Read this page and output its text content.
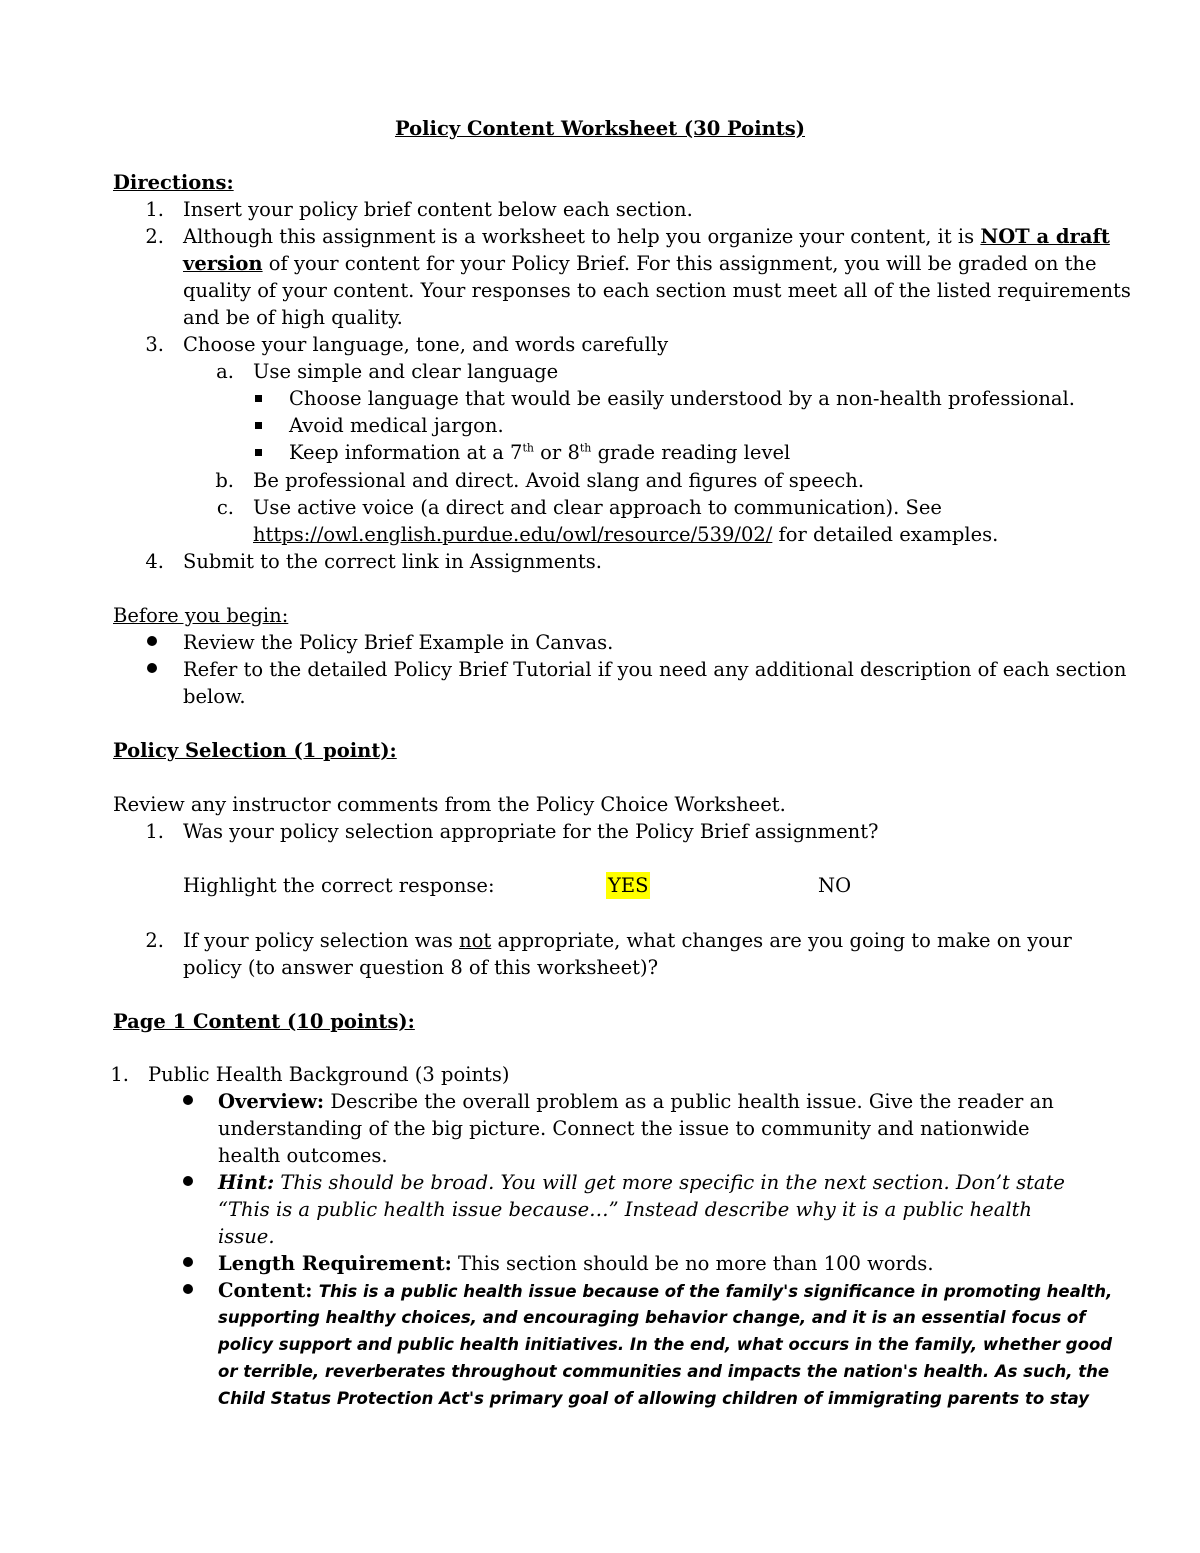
Policy Content Worksheet (30 Points)
Directions:
1. Insert your policy brief content below each section.
2. Although this assignment is a worksheet to help you organize your content, it is NOT a draft
version of your content for your Policy Brief. For this assignment, you will be graded on the
quality of your content. Your responses to each section must meet all of the listed requirements
and be of high quality.
3. Choose your language, tone, and words carefully
a. Use simple and clear language
Choose language that would be easily understood by a non-health professional.
Avoid medical jargon.
Keep information at a 7th or 8th grade reading level
b. Be professional and direct. Avoid slang and figures of speech.
c. Use active voice (a direct and clear approach to communication). See
https://owl.english.purdue.edu/owl/resource/539/02/ for detailed examples.
4. Submit to the correct link in Assignments.
Before you begin:
Review the Policy Brief Example in Canvas.
Refer to the detailed Policy Brief Tutorial if you need any additional description of each section
below.
Policy Selection (1 point):
Review any instructor comments from the Policy Choice Worksheet.
1. Was your policy selection appropriate for the Policy Brief assignment?
Highlight the correct response:	YES	NO
2. If your policy selection was not appropriate, what changes are you going to make on your
policy (to answer question 8 of this worksheet)?
Page 1 Content (10 points):
1. Public Health Background (3 points)
Overview: Describe the overall problem as a public health issue. Give the reader an
understanding of the big picture. Connect the issue to community and nationwide
health outcomes.
Hint: This should be broad. You will get more specific in the next section. Don’t state
“This is a public health issue because…” Instead describe why it is a public health
issue.
Length Requirement: This section should be no more than 100 words.
Content: This is a public health issue because of the family's significance in promoting health,
supporting healthy choices, and encouraging behavior change, and it is an essential focus of
policy support and public health initiatives. In the end, what occurs in the family, whether good
or terrible, reverberates throughout communities and impacts the nation's health. As such, the
Child Status Protection Act's primary goal of allowing children of immigrating parents to stay
